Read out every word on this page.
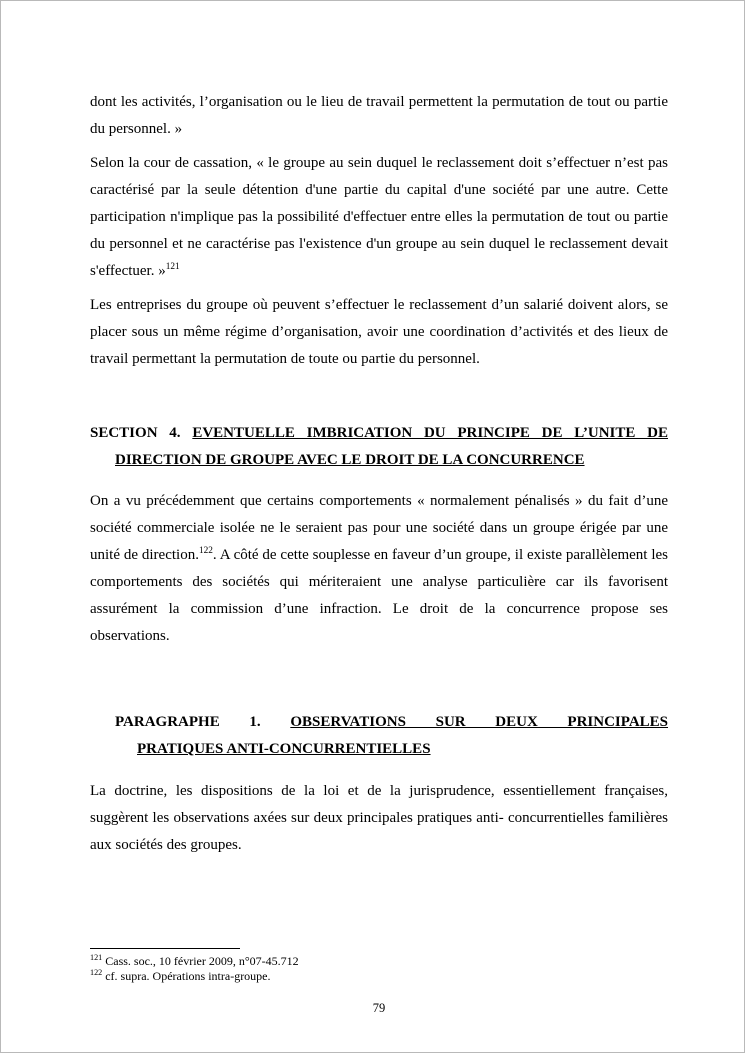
dont les activités, l’organisation ou le lieu de travail permettent la permutation de tout ou partie du personnel. »

Selon la cour de cassation, « le groupe au sein duquel le reclassement doit s’effectuer n’est pas caractérisé par la seule détention d'une partie du capital d'une société par une autre. Cette participation n'implique pas la possibilité d'effectuer entre elles la permutation de tout ou partie du personnel et ne caractérise pas l'existence d'un groupe au sein duquel le reclassement devait s'effectuer. »$^{121}$

Les entreprises du groupe où peuvent s’effectuer le reclassement d’un salarié doivent alors, se placer sous un même régime d’organisation, avoir une coordination d’activités et des lieux de travail permettant la permutation de toute ou partie du personnel.

SECTION 4. EVENTUELLE IMBRICATION DU PRINCIPE DE L’UNITE DE
DIRECTION DE GROUPE AVEC LE DROIT DE LA CONCURRENCE

On a vu précédemment que certains comportements « normalement pénalisés » du fait d’une société commerciale isolée ne le seraient pas pour une société dans un groupe érigée par une unité de direction.$^{122}$. A côté de cette souplesse en faveur d’un groupe, il existe parallèlement les comportements des sociétés qui mériteraient une analyse particulière car ils favorisent assurément la commission d’une infraction. Le droit de la concurrence propose ses observations.

PARAGRAPHE 1. OBSERVATIONS SUR DEUX PRINCIPALES
PRATIQUES ANTI-CONCURRENTIELLES

La doctrine, les dispositions de la loi et de la jurisprudence, essentiellement françaises, suggèrent les observations axées sur deux principales pratiques anti- concurrentielles familières aux sociétés des groupes.

$^{121}$ Cass. soc., 10 février 2009, n°07-45.712
$^{122}$ cf. supra. Opérations intra-groupe.
79
